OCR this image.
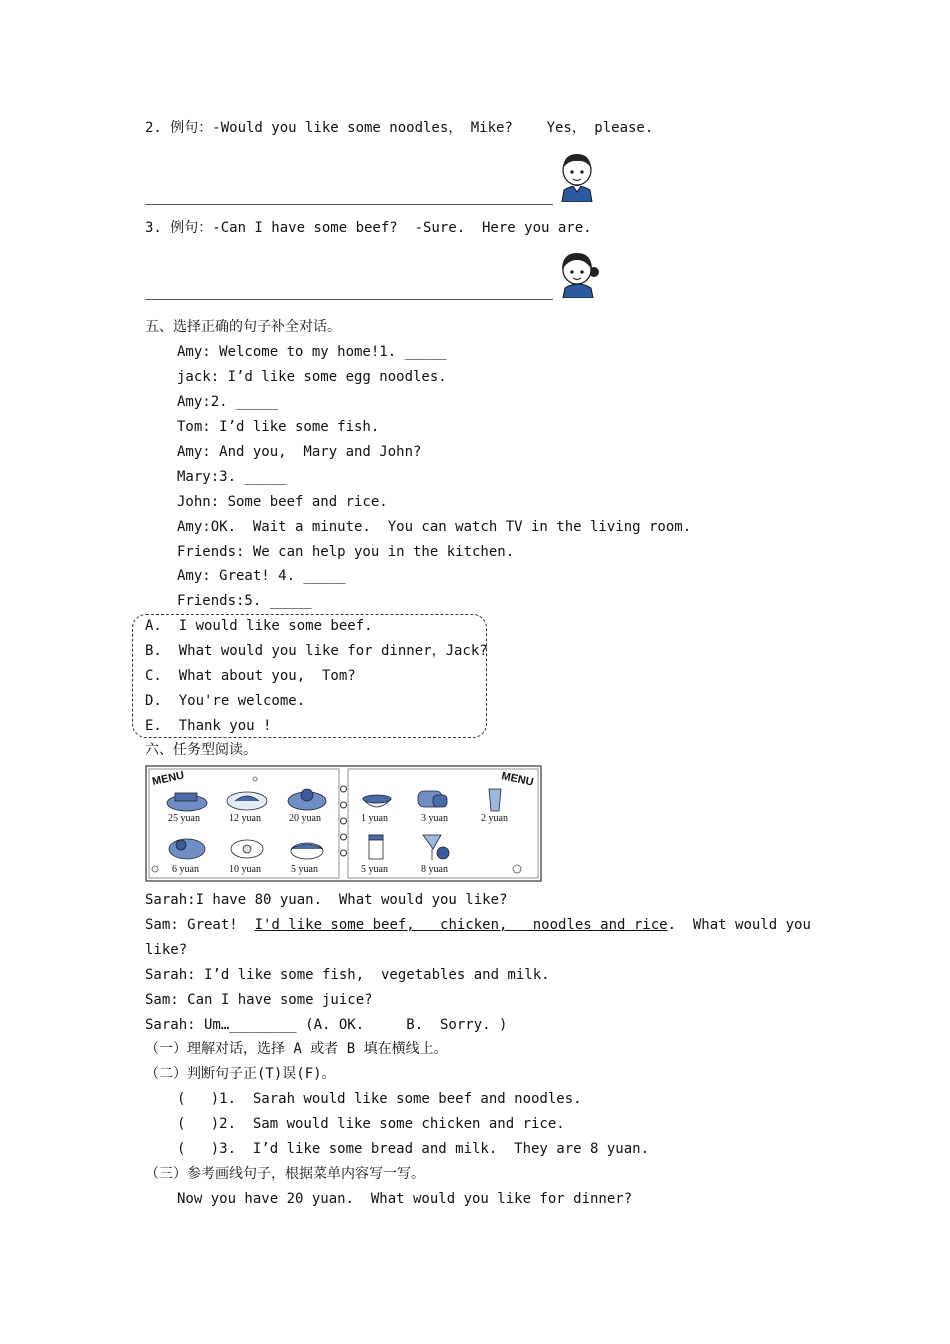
2. 例句：-Would you like some noodles， Mike?    Yes， please.
3. 例句：-Can I have some beef?  -Sure.  Here you are.
五、选择正确的句子补全对话。
Amy: Welcome to my home!1. _____
jack: I’d like some egg noodles.
Amy:2. _____
Tom: I’d like some fish.
Amy: And you,  Mary and John?
Mary:3. _____
John: Some beef and rice.
Amy:OK.  Wait a minute.  You can watch TV in the living room.
Friends: We can help you in the kitchen.
Amy: Great! 4. _____
Friends:5. _____
A.  I would like some beef.
B.  What would you like for dinner，Jack?
C.  What about you,  Tom?
D.  You're welcome.
E.  Thank you !
六、任务型阅读。
MENU	MENU
25 yuan	12 yuan	20 yuan
6 yuan	10 yuan	5 yuan
1 yuan	3 yuan	2 yuan
5 yuan	8 yuan
Sarah:I have 80 yuan.  What would you like?
Sam: Great!  I'd like some beef,   chicken,   noodles and rice.  What would you
like?
Sarah: I’d like some fish,  vegetables and milk.
Sam: Can I have some juice?
Sarah: Um…________ (A. OK.     B.  Sorry. )
（一）理解对话，选择 A 或者 B 填在横线上。
（二）判断句子正(T)误(F)。
(   )1.  Sarah would like some beef and noodles.
(   )2.  Sam would like some chicken and rice.
(   )3.  I’d like some bread and milk.  They are 8 yuan.
（三）参考画线句子，根据菜单内容写一写。
Now you have 20 yuan.  What would you like for dinner?
